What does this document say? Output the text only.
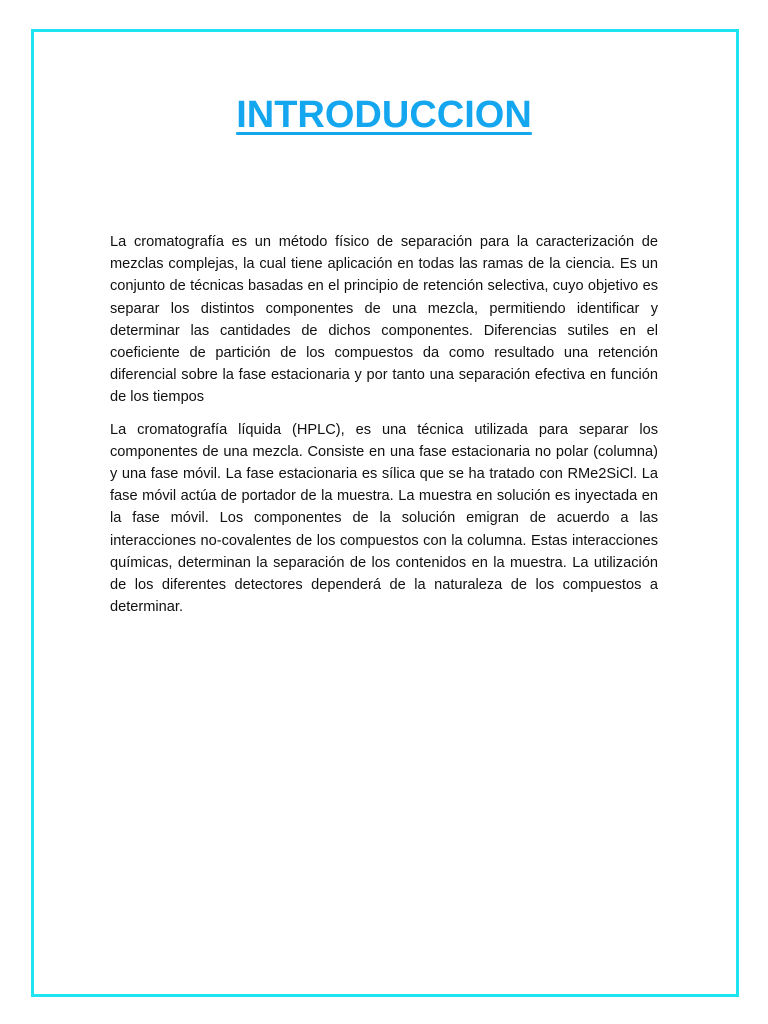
INTRODUCCION

La cromatografía es un método físico de separación para la caracterización de mezclas complejas, la cual tiene aplicación en todas las ramas de la ciencia. Es un conjunto de técnicas basadas en el principio de retención selectiva, cuyo objetivo es separar los distintos componentes de una mezcla, permitiendo identificar y determinar las cantidades de dichos componentes. Diferencias sutiles en el coeficiente de partición de los compuestos da como resultado una retención diferencial sobre la fase estacionaria y por tanto una separación efectiva en función de los tiempos

La cromatografía líquida (HPLC), es una técnica utilizada para separar los componentes de una mezcla. Consiste en una fase estacionaria no polar (columna) y una fase móvil. La fase estacionaria es sílica que se ha tratado con RMe2SiCl. La fase móvil actúa de portador de la muestra. La muestra en solución es inyectada en la fase móvil. Los componentes de la solución emigran de acuerdo a las interacciones no-covalentes de los compuestos con la columna. Estas interacciones químicas, determinan la separación de los contenidos en la muestra. La utilización de los diferentes detectores dependerá de la naturaleza de los compuestos a determinar.
